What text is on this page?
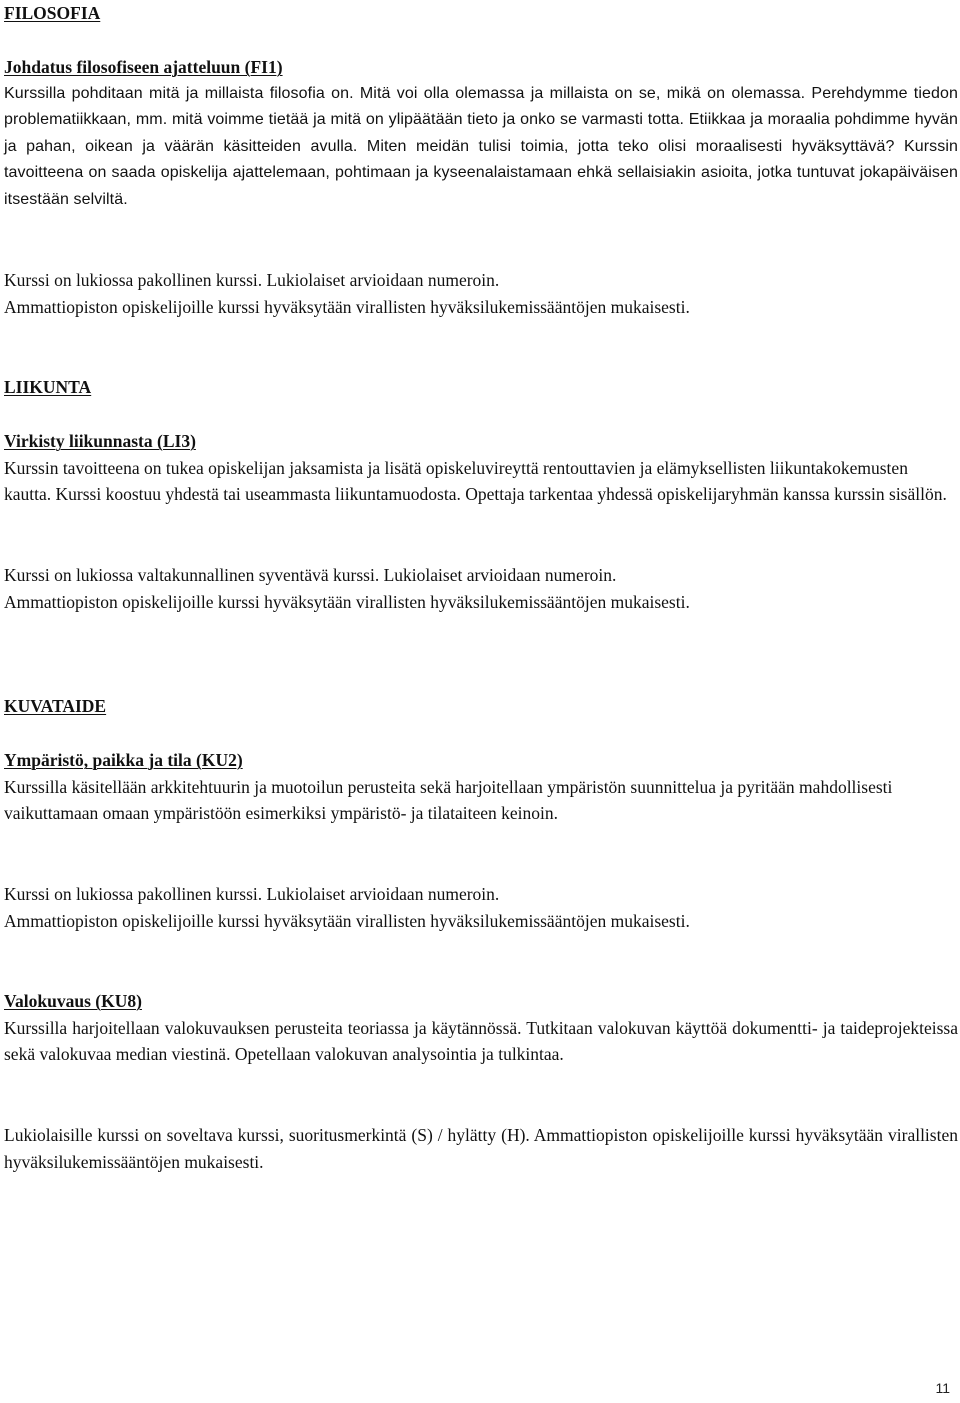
FILOSOFIA

Johdatus filosofiseen ajatteluun (FI1)

Kurssilla pohditaan mitä ja millaista filosofia on. Mitä voi olla olemassa ja millaista on se, mikä on olemassa. Perehdymme tiedon problematiikkaan, mm. mitä voimme tietää ja mitä on ylipäätään tieto ja onko se varmasti totta. Etiikkaa ja moraalia pohdimme hyvän ja pahan, oikean ja väärän käsitteiden avulla. Miten meidän tulisi toimia, jotta teko olisi moraalisesti hyväksyttävä? Kurssin tavoitteena on saada opiskelija ajattelemaan, pohtimaan ja kyseenalaistamaan ehkä sellaisiakin asioita, jotka tuntuvat jokapäiväisen itsestään selviltä.

Kurssi on lukiossa pakollinen kurssi. Lukiolaiset arvioidaan numeroin.

Ammattiopiston opiskelijoille kurssi hyväksytään virallisten hyväksilukemissääntöjen mukaisesti.

LIIKUNTA

Virkisty liikunnasta (LI3)

Kurssin tavoitteena on tukea opiskelijan jaksamista ja lisätä opiskeluvireyttä rentouttavien ja elämyksellisten liikuntakokemusten kautta. Kurssi koostuu yhdestä tai useammasta liikuntamuodosta. Opettaja tarkentaa yhdessä opiskelijaryhmän kanssa kurssin sisällön.

Kurssi on lukiossa valtakunnallinen syventävä kurssi. Lukiolaiset arvioidaan numeroin.

Ammattiopiston opiskelijoille kurssi hyväksytään virallisten hyväksilukemissääntöjen mukaisesti.

KUVATAIDE

Ympäristö, paikka ja tila (KU2)

Kurssilla käsitellään arkkitehtuurin ja muotoilun perusteita sekä harjoitellaan ympäristön suunnittelua ja pyritään mahdollisesti vaikuttamaan omaan ympäristöön esimerkiksi ympäristö- ja tilataiteen keinoin.

Kurssi on lukiossa pakollinen kurssi. Lukiolaiset arvioidaan numeroin.

Ammattiopiston opiskelijoille kurssi hyväksytään virallisten hyväksilukemissääntöjen mukaisesti.

Valokuvaus (KU8)

Kurssilla harjoitellaan valokuvauksen perusteita teoriassa ja käytännössä. Tutkitaan valokuvan käyttöä dokumentti- ja taideprojekteissa sekä valokuvaa median viestinä. Opetellaan valokuvan analysointia ja tulkintaa.

Lukiolaisille kurssi on soveltava kurssi, suoritusmerkintä (S) / hylätty (H). Ammattiopiston opiskelijoille kurssi hyväksytään virallisten hyväksilukemissääntöjen mukaisesti.

11
